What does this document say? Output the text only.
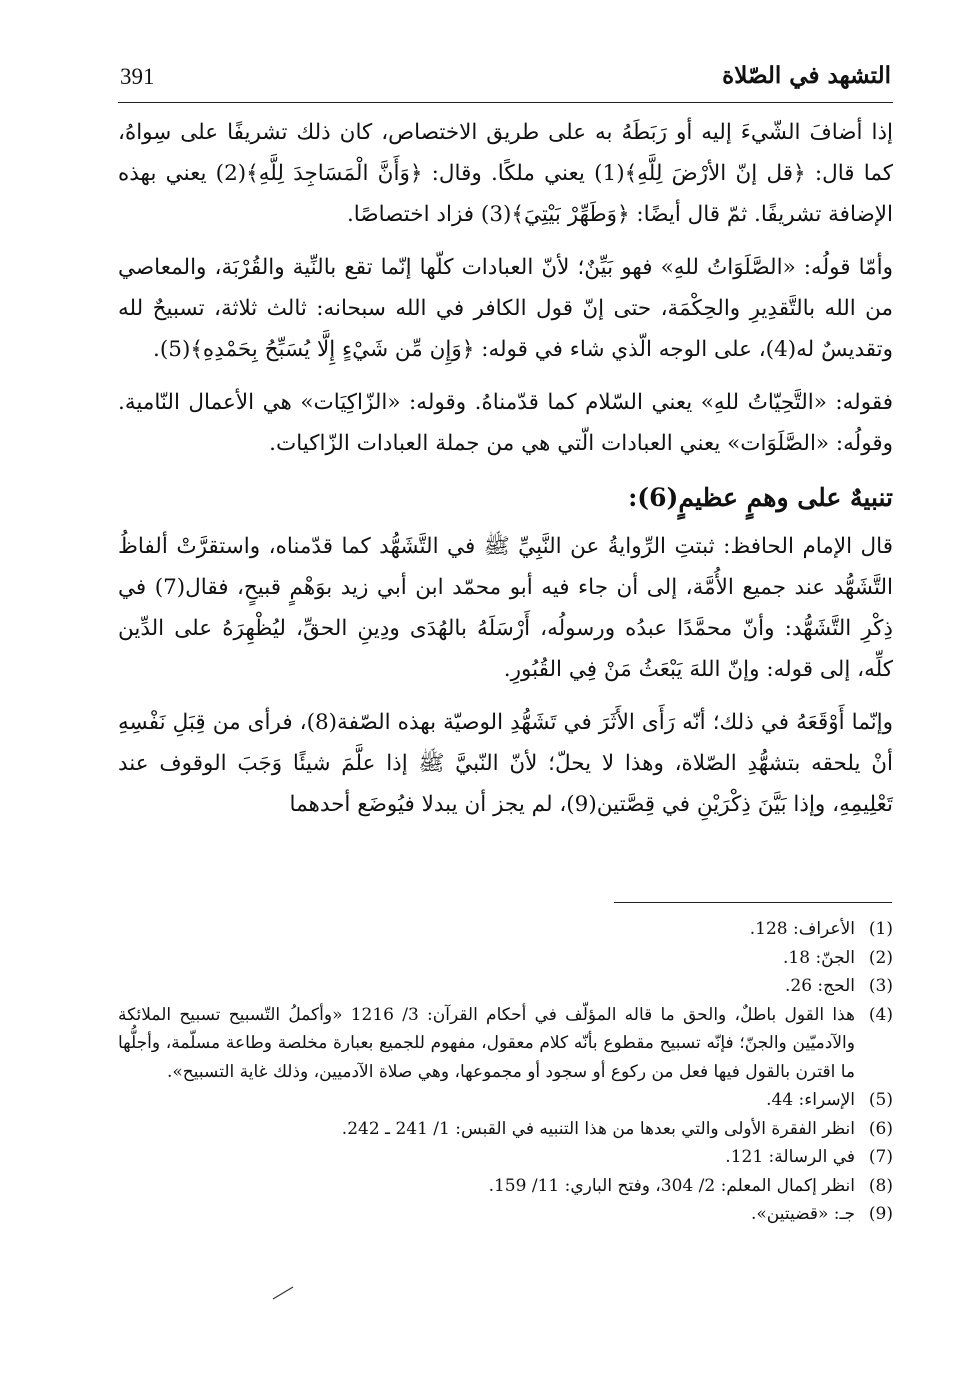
391	التشهد في الصّلاة

إذا أضافَ الشّيءَ إليه أو رَبَطَهُ به على طريق الاختصاص، كان ذلك تشريفًا على سِواهُ، كما قال: ﴿قل إنّ الأرْضَ لِلَّهِ﴾(1) يعني ملكًا. وقال: ﴿وَأَنَّ الْمَسَاجِدَ لِلَّهِ﴾(2) يعني بهذه الإضافة تشريفًا. ثمّ قال أيضًا: ﴿وَطَهِّرْ بَيْتِيَ﴾(3) فزاد اختصاصًا.

وأمّا قولُه: «الصَّلَوَاتُ للهِ» فهو بَيِّنٌ؛ لأنّ العبادات كلّها إنّما تقع بالنِّية والقُرْبَة، والمعاصي من الله بالتَّقدِيرِ والحِكْمَة، حتى إنّ قول الكافر في الله سبحانه: ثالث ثلاثة، تسبيحٌ لله وتقديسٌ له(4)، على الوجه الّذي شاء في قوله: ﴿وَإِن مِّن شَيْءٍ إِلَّا يُسَبِّحُ بِحَمْدِهِ﴾(5).

فقوله: «التَّحِيّاتُ للهِ» يعني السّلام كما قدّمناهُ. وقوله: «الزّاكِيَات» هي الأعمال النّامية. وقولُه: «الصَّلَوَات» يعني العبادات الّتي هي من جملة العبادات الزّاكيات.

تنبيهٌ على وهمٍ عظيمٍ(6):

قال الإمام الحافظ: ثبتتِ الرِّوايةُ عن النَّبِيِّ ﷺ في التَّشَهُّد كما قدّمناه، واستقرَّتْ ألفاظُ التَّشَهُّد عند جميع الأُمَّة، إلى أن جاء فيه أبو محمّد ابن أبي زيد بوَهْمٍ قبيحٍ، فقال(7) في ذِكْرِ التَّشَهُّد: وأنّ محمَّدًا عبدُه ورسولُه، أَرْسَلَهُ بالهُدَى ودِينِ الحقِّ، ليُظْهِرَهُ على الدِّين كلِّه، إلى قوله: وإنّ اللهَ يَبْعَثُ مَنْ فِي القُبُورِ.

وإنّما أَوْقَعَهُ في ذلك؛ أنّه رَأَى الأَثَرَ في تَشَهُّدِ الوصيّة بهذه الصّفة(8)، فرأى من قِبَلِ نَفْسِهِ أنْ يلحقه بتشهُّدِ الصّلاة، وهذا لا يحلّ؛ لأنّ النّبيَّ ﷺ إذا علَّمَ شيئًا وَجَبَ الوقوف عند تَعْلِيمِهِ، وإذا بَيَّنَ ذِكْرَيْنِ في قِصَّتين(9)، لم يجز أن يبدلا فيُوضَع أحدهما

(1)
الأعراف: 128.
(2)
الجنّ: 18.
(3)
الحج: 26.
(4)
هذا القول باطلٌ، والحق ما قاله المؤلّف في أحكام القرآن: 3/ 1216 «وأكملُ التّسبيح تسبيح الملائكة والآدميّين والجنّ؛ فإنّه تسبيح مقطوع بأنّه كلام معقول، مفهوم للجميع بعبارة مخلصة وطاعة مسلّمة، وأجلُّها ما اقترن بالقول فيها فعل من ركوع أو سجود أو مجموعها، وهي صلاة الآدميين، وذلك غاية التسبيح».
(5)
الإسراء: 44.
(6)
انظر الفقرة الأولى والتي بعدها من هذا التنبيه في القبس: 1/ 241 ـ 242.
(7)
في الرسالة: 121.
(8)
انظر إكمال المعلم: 2/ 304، وفتح الباري: 11/ 159.
(9)
جـ: «قضيتين».
